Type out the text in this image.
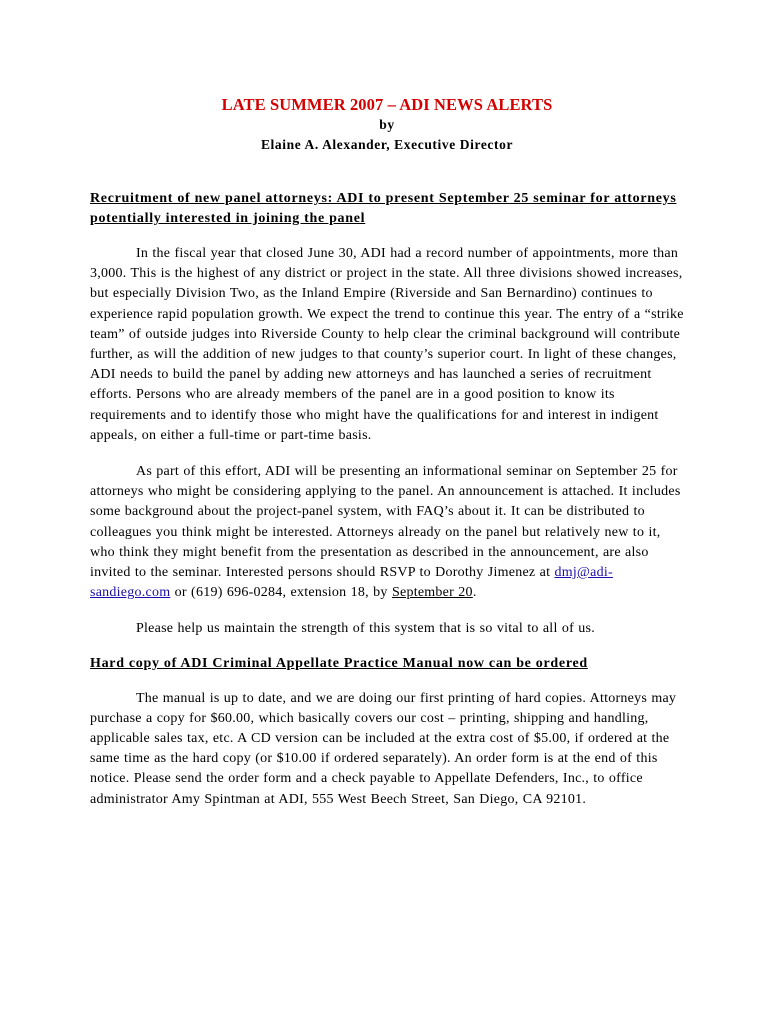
LATE SUMMER 2007 – ADI NEWS ALERTS

by

Elaine A. Alexander, Executive Director

Recruitment of new panel attorneys: ADI to present September 25 seminar for attorneys potentially interested in joining the panel

In the fiscal year that closed June 30, ADI had a record number of appointments, more than 3,000. This is the highest of any district or project in the state. All three divisions showed increases, but especially Division Two, as the Inland Empire (Riverside and San Bernardino) continues to experience rapid population growth. We expect the trend to continue this year. The entry of a “strike team” of outside judges into Riverside County to help clear the criminal background will contribute further, as will the addition of new judges to that county’s superior court. In light of these changes, ADI needs to build the panel by adding new attorneys and has launched a series of recruitment efforts. Persons who are already members of the panel are in a good position to know its requirements and to identify those who might have the qualifications for and interest in indigent appeals, on either a full-time or part-time basis.

As part of this effort, ADI will be presenting an informational seminar on September 25 for attorneys who might be considering applying to the panel. An announcement is attached. It includes some background about the project-panel system, with FAQ’s about it. It can be distributed to colleagues you think might be interested. Attorneys already on the panel but relatively new to it, who think they might benefit from the presentation as described in the announcement, are also invited to the seminar. Interested persons should RSVP to Dorothy Jimenez at dmj@adi-sandiego.com or (619) 696-0284, extension 18, by September 20.

Please help us maintain the strength of this system that is so vital to all of us.

Hard copy of ADI Criminal Appellate Practice Manual now can be ordered

The manual is up to date, and we are doing our first printing of hard copies. Attorneys may purchase a copy for $60.00, which basically covers our cost – printing, shipping and handling, applicable sales tax, etc. A CD version can be included at the extra cost of $5.00, if ordered at the same time as the hard copy (or $10.00 if ordered separately). An order form is at the end of this notice. Please send the order form and a check payable to Appellate Defenders, Inc., to office administrator Amy Spintman at ADI, 555 West Beech Street, San Diego, CA 92101.
